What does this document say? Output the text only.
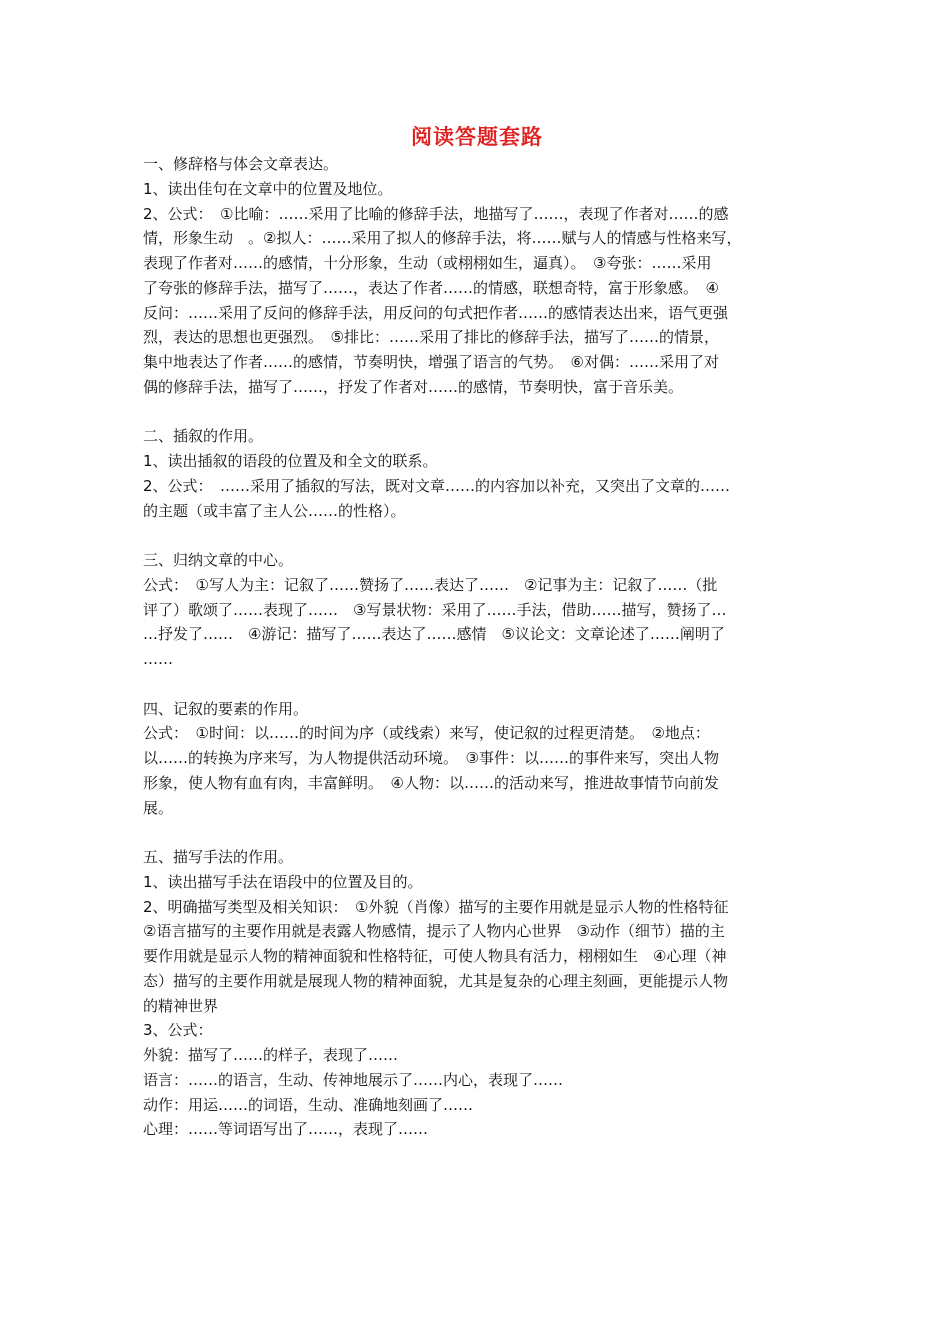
阅读答题套路

一、修辞格与体会文章表达。

1、读出佳句在文章中的位置及地位。

2、公式：　①比喻：……采用了比喻的修辞手法，地描写了……，表现了作者对……的感

情，形象生动　。②拟人：……采用了拟人的修辞手法，将……赋与人的情感与性格来写，

表现了作者对……的感情，十分形象，生动（或栩栩如生，逼真）。　③夸张：……采用

了夸张的修辞手法，描写了……，表达了作者……的情感，联想奇特，富于形象感。　④

反问：……采用了反问的修辞手法，用反问的句式把作者……的感情表达出来，语气更强

烈，表达的思想也更强烈。　⑤排比：……采用了排比的修辞手法，描写了……的情景，

集中地表达了作者……的感情，节奏明快，增强了语言的气势。　⑥对偶：……采用了对

偶的修辞手法，描写了……，抒发了作者对……的感情，节奏明快，富于音乐美。

二、插叙的作用。

1、读出插叙的语段的位置及和全文的联系。

2、公式：　……采用了插叙的写法，既对文章……的内容加以补充，又突出了文章的……

的主题（或丰富了主人公……的性格）。

三、归纳文章的中心。

公式：　①写人为主：记叙了……赞扬了……表达了……　②记事为主：记叙了……（批

评了）歌颂了……表现了……　③写景状物：采用了……手法，借助……描写，赞扬了…

…抒发了……　④游记：描写了……表达了……感情　⑤议论文：文章论述了……阐明了

……

四、记叙的要素的作用。

公式：　①时间：以……的时间为序（或线索）来写，使记叙的过程更清楚。　②地点：

以……的转换为序来写，为人物提供活动环境。　③事件：以……的事件来写，突出人物

形象，使人物有血有肉，丰富鲜明。　④人物：以……的活动来写，推进故事情节向前发

展。

五、描写手法的作用。

1、读出描写手法在语段中的位置及目的。

2、明确描写类型及相关知识：　①外貌（肖像）描写的主要作用就是显示人物的性格特征

②语言描写的主要作用就是表露人物感情，提示了人物内心世界　③动作（细节）描的主

要作用就是显示人物的精神面貌和性格特征，可使人物具有活力，栩栩如生　④心理（神

态）描写的主要作用就是展现人物的精神面貌，尤其是复杂的心理主刻画，更能提示人物

的精神世界

3、公式：

外貌：描写了……的样子，表现了……

语言：……的语言，生动、传神地展示了……内心，表现了……

动作：用运……的词语，生动、准确地刻画了……

心理：……等词语写出了……，表现了……
